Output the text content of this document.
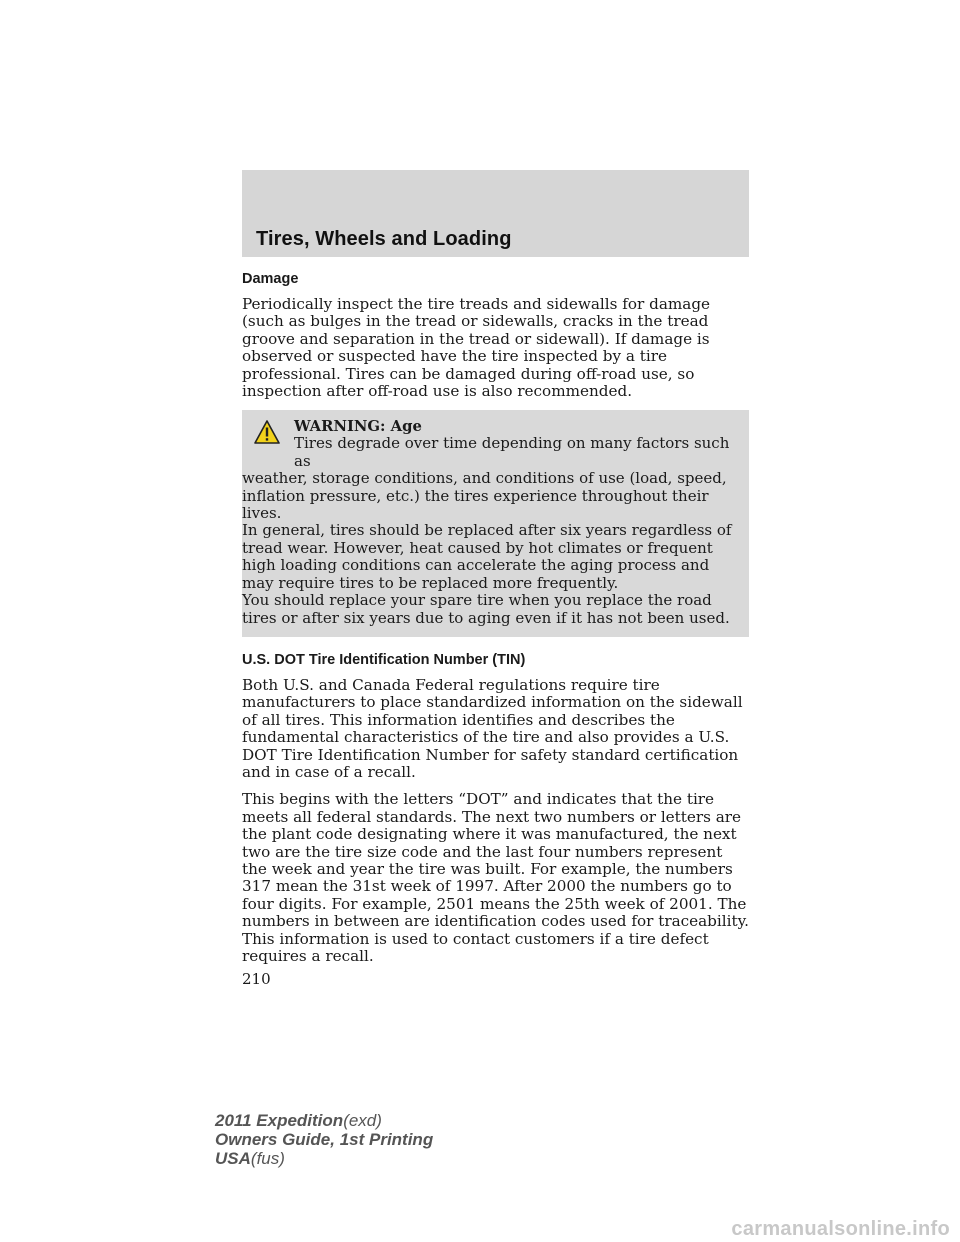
Tires, Wheels and Loading
Damage

Periodically inspect the tire treads and sidewalls for damage (such as bulges in the tread or sidewalls, cracks in the tread groove and separation in the tread or sidewall). If damage is observed or suspected have the tire inspected by a tire professional. Tires can be damaged during off-road use, so inspection after off-road use is also recommended.

WARNING: Age
Tires degrade over time depending on many factors such as
weather, storage conditions, and conditions of use (load, speed, inflation pressure, etc.) the tires experience throughout their lives.
In general, tires should be replaced after six years regardless of tread wear. However, heat caused by hot climates or frequent high loading conditions can accelerate the aging process and may require tires to be replaced more frequently.
You should replace your spare tire when you replace the road tires or after six years due to aging even if it has not been used.
U.S. DOT Tire Identification Number (TIN)

Both U.S. and Canada Federal regulations require tire manufacturers to place standardized information on the sidewall of all tires. This information identifies and describes the fundamental characteristics of the tire and also provides a U.S. DOT Tire Identification Number for safety standard certification and in case of a recall.

This begins with the letters “DOT” and indicates that the tire meets all federal standards. The next two numbers or letters are the plant code designating where it was manufactured, the next two are the tire size code and the last four numbers represent the week and year the tire was built. For example, the numbers 317 mean the 31st week of 1997. After 2000 the numbers go to four digits. For example, 2501 means the 25th week of 2001. The numbers in between are identification codes used for traceability. This information is used to contact customers if a tire defect requires a recall.

210
2011 Expedition(exd)
Owners Guide, 1st Printing
USA(fus)
carmanualsonline.info
